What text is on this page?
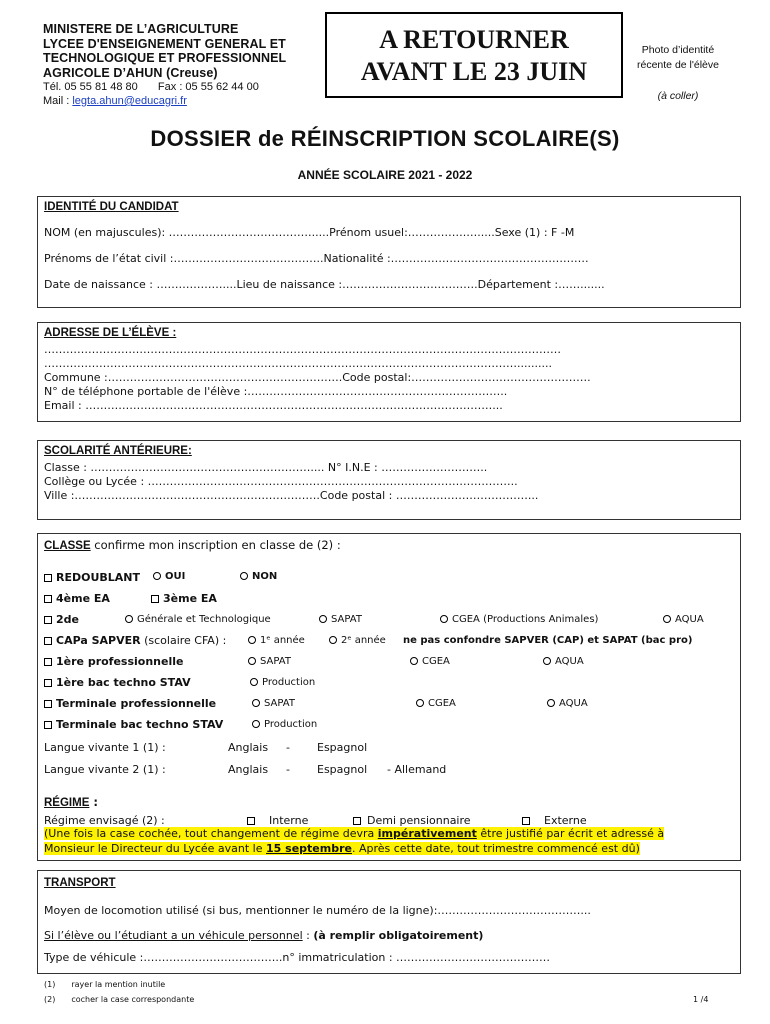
MINISTERE DE L’AGRICULTURE
LYCEE D'ENSEIGNEMENT GENERAL ET
TECHNOLOGIQUE ET PROFESSIONNEL
AGRICOLE D’AHUN (Creuse)
Tél. 05 55 81 48 80 Fax : 05 55 62 44 00
Mail : legta.ahun@educagri.fr
A RETOURNER
AVANT LE 23 JUIN
Photo d’identité
récente de l'élève
(à coller)
DOSSIER de RÉINSCRIPTION SCOLAIRE(S)
ANNÉE SCOLAIRE 2021 - 2022
IDENTITÉ DU CANDIDAT
NOM (en majuscules): ………………………………….....Prénom usuel:…………….….....Sexe (1) : F -M
Prénoms de l’état civil :…………………………………..Nationalité :………………………………………………
Date de naissance : ………………....Lieu de naissance :……………………………….Département :…….......
ADRESSE DE L’ÉLÈVE :
……………………………………………………………………………………………………………………………
…………………………………………………………………………………………………………………..........
Commune :……………………………………………………….Code postal:………………………………………….
N° de téléphone portable de l'élève :……………………………………………………………..
Email : …………………………………………………………………………………………………...
SCOLARITÉ ANTÉRIEURE:
Classe : …………………………………………………….... N° I.N.E : ………………………..
Collège ou Lycée : ………………………………………………………………………………………..
Ville :………………………………………………………….Code postal : ………………………………...
CLASSE confirme mon inscription en classe de (2) :
REDOUBLANT	OUI	NON
4ème EA	3ème EA
2de	Générale et Technologique	SAPAT	CGEA (Productions Animales)	AQUA
CAPa SAPVER (scolaire CFA) :	1ᵉ année	2ᵉ année ne pas confondre SAPVER (CAP) et SAPAT (bac pro)
1ère professionnelle	SAPAT	CGEA	AQUA
1ère bac techno STAV	Production
Terminale professionnelle	SAPAT	CGEA	AQUA
Terminale bac techno STAV	Production
Langue vivante 1 (1) :	Anglais - Espagnol
Langue vivante 2 (1) :	Anglais - Espagnol - Allemand
RÉGIME :
Régime envisagé (2) :	Interne	Demi pensionnaire	Externe
(Une fois la case cochée, tout changement de régime devra impérativement être justifié par écrit et adressé à
Monsieur le Directeur du Lycée avant le 15 septembre. Après cette date, tout trimestre commencé est dû)
TRANSPORT
Moyen de locomotion utilisé (si bus, mentionner le numéro de la ligne):…………………………………...
Si l’élève ou l’étudiant a un véhicule personnel : (à remplir obligatoirement)
Type de véhicule :………………………………..n° immatriculation : ……………………………………
(1) rayer la mention inutile
(2) cocher la case correspondante	1 /4
